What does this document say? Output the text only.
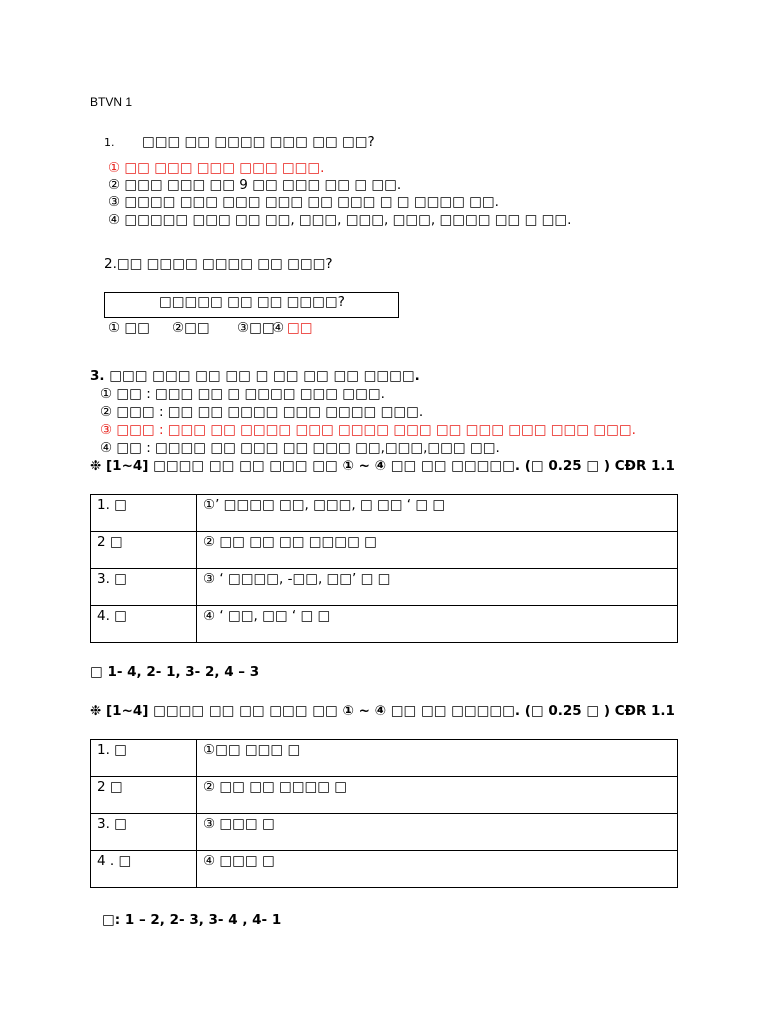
BTVN 1
1. □□□ □□ □□□□ □□□ □□ □□?
① □□ □□□ □□□ □□□ □□□.
② □□□ □□□ □□ 9 □□ □□□ □□ □ □□.
③ □□□□ □□□ □□□ □□□ □□ □□□ □ □ □□□□ □□.
④ □□□□□ □□□ □□ □□, □□□, □□□, □□□, □□□□ □□ □ □□.
2.□□ □□□□ □□□□ □□ □□□?
□□□□□ □□ □□ □□□□?
① □□ ②□□ ③□□
④ □□
3. □□□ □□□ □□ □□ □ □□ □□ □□ □□□□.
① □□ : □□□ □□ □ □□□□ □□□ □□□.
② □□□ : □□ □□ □□□□ □□□ □□□□ □□□.
③ □□□ : □□□ □□ □□□□ □□□ □□□□ □□□ □□ □□□ □□□ □□□ □□□.
④ □□ : □□□□ □□ □□□ □□ □□□ □□,□□□,□□□ □□.
❉ [1~4] □□□□ □□ □□ □□□ □□ ① ~ ④ □□ □□ □□□□□. (□ 0.25 □ ) CĐR 1.1
1. □	①’ □□□□ □□, □□□, □ □□ ‘ □ □
2 □	② □□ □□ □□ □□□□ □
3. □	③ ‘ □□□□, -□□, □□’ □ □
4. □	④ ‘ □□, □□ ‘ □ □
□ 1- 4, 2- 1, 3- 2, 4 – 3
❉ [1~4] □□□□ □□ □□ □□□ □□ ① ~ ④ □□ □□ □□□□□. (□ 0.25 □ ) CĐR 1.1
1. □	①□□ □□□ □
2 □	② □□ □□ □□□□ □
3. □	③ □□□ □
4 . □	④ □□□ □
□: 1 – 2, 2- 3, 3- 4 , 4- 1
